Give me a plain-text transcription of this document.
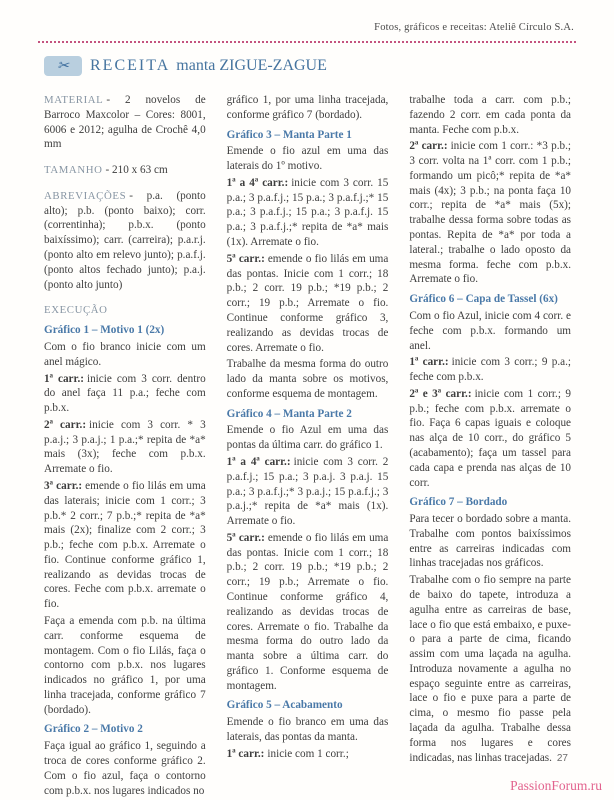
Fotos, gráficos e receitas: Ateliê Círculo S.A.
✂	RECEITA manta ZIGUE-ZAGUE

MATERIAL - 2 novelos de Barroco Maxcolor – Cores: 8001, 6006 e 2012; agulha de Crochê 4,0 mm

TAMANHO - 210 x 63 cm

ABREVIAÇÕES - p.a. (ponto alto); p.b. (ponto baixo); corr. (correntinha); p.b.x. (ponto baixíssimo); carr. (carreira); p.a.r.j. (ponto alto em relevo junto); p.a.f.j. (ponto altos fechado junto); p.a.j. (ponto alto junto)

EXECUÇÃO

Gráfico 1 – Motivo 1 (2x)

Com o fio branco inicie com um anel mágico.

1ª carr.: inicie com 3 corr. dentro do anel faça 11 p.a.; feche com p.b.x.

2ª carr.: inicie com 3 corr. * 3 p.a.j.; 3 p.a.j.; 1 p.a.;* repita de *a* mais (3x); feche com p.b.x. Arremate o fio.

3ª carr.: emende o fio lilás em uma das laterais; inicie com 1 corr.; 3 p.b.* 2 corr.; 7 p.b.;* repita de *a* mais (2x); finalize com 2 corr.; 3 p.b.; feche com p.b.x. Arremate o fio. Continue conforme gráfico 1, realizando as devidas trocas de cores. Feche com p.b.x. arremate o fio.

Faça a emenda com p.b. na última carr. conforme esquema de montagem. Com o fio Lilás, faça o contorno com p.b.x. nos lugares indicados no gráfico 1, por uma linha tracejada, conforme gráfico 7 (bordado).

Gráfico 2 – Motivo 2

Faça igual ao gráfico 1, seguindo a troca de cores conforme gráfico 2. Com o fio azul, faça o contorno com p.b.x. nos lugares indicados no

gráfico 1, por uma linha tracejada, conforme gráfico 7 (bordado).

Gráfico 3 – Manta Parte 1

Emende o fio azul em uma das laterais do 1º motivo.

1ª a 4ª carr.: inicie com 3 corr. 15 p.a.; 3 p.a.f.j.; 15 p.a.; 3 p.a.f.j.;* 15 p.a.; 3 p.a.f.j.; 15 p.a.; 3 p.a.f.j. 15 p.a.; 3 p.a.f.j.;* repita de *a* mais (1x). Arremate o fio.

5ª carr.: emende o fio lilás em uma das pontas. Inicie com 1 corr.; 18 p.b.; 2 corr. 19 p.b.; *19 p.b.; 2 corr.; 19 p.b.; Arremate o fio. Continue conforme gráfico 3, realizando as devidas trocas de cores. Arremate o fio.

Trabalhe da mesma forma do outro lado da manta sobre os motivos, conforme esquema de montagem.

Gráfico 4 – Manta Parte 2

Emende o fio Azul em uma das pontas da última carr. do gráfico 1.

1ª a 4ª carr.: inicie com 3 corr. 2 p.a.f.j.; 15 p.a.; 3 p.a.j. 3 p.a.j. 15 p.a.; 3 p.a.f.j.;* 3 p.a.j.; 15 p.a.f.j.; 3 p.a.j.;* repita de *a* mais (1x). Arremate o fio.

5ª carr.: emende o fio lilás em uma das pontas. Inicie com 1 corr.; 18 p.b.; 2 corr. 19 p.b.; *19 p.b.; 2 corr.; 19 p.b.; Arremate o fio. Continue conforme gráfico 4, realizando as devidas trocas de cores. Arremate o fio. Trabalhe da mesma forma do outro lado da manta sobre a última carr. do gráfico 1. Conforme esquema de montagem.

Gráfico 5 – Acabamento

Emende o fio branco em uma das laterais, das pontas da manta.

1ª carr.: inicie com 1 corr.;

trabalhe toda a carr. com p.b.; fazendo 2 corr. em cada ponta da manta. Feche com p.b.x.

2ª carr.: inicie com 1 corr.: *3 p.b.; 3 corr. volta na 1ª corr. com 1 p.b.; formando um picô;* repita de *a* mais (4x); 3 p.b.; na ponta faça 10 corr.; repita de *a* mais (5x); trabalhe dessa forma sobre todas as pontas. Repita de *a* por toda a lateral.; trabalhe o lado oposto da mesma forma. feche com p.b.x. Arremate o fio.

Gráfico 6 – Capa de Tassel (6x)

Com o fio Azul, inicie com 4 corr. e feche com p.b.x. formando um anel.

1ª carr.: inicie com 3 corr.; 9 p.a.; feche com p.b.x.

2ª e 3ª carr.: inicie com 1 corr.; 9 p.b.; feche com p.b.x. arremate o fio. Faça 6 capas iguais e coloque nas alça de 10 corr., do gráfico 5 (acabamento); faça um tassel para cada capa e prenda nas alças de 10 corr.

Gráfico 7 – Bordado

Para tecer o bordado sobre a manta. Trabalhe com pontos baixíssimos entre as carreiras indicadas com linhas tracejadas nos gráficos.

Trabalhe com o fio sempre na parte de baixo do tapete, introduza a agulha entre as carreiras de base, lace o fio que está embaixo, e puxe-o para a parte de cima, ficando assim com uma laçada na agulha. Introduza novamente a agulha no espaço seguinte entre as carreiras, lace o fio e puxe para a parte de cima, o mesmo fio passe pela laçada da agulha. Trabalhe dessa forma nos lugares e cores indicadas, nas linhas tracejadas. 27
PassionForum.ru
